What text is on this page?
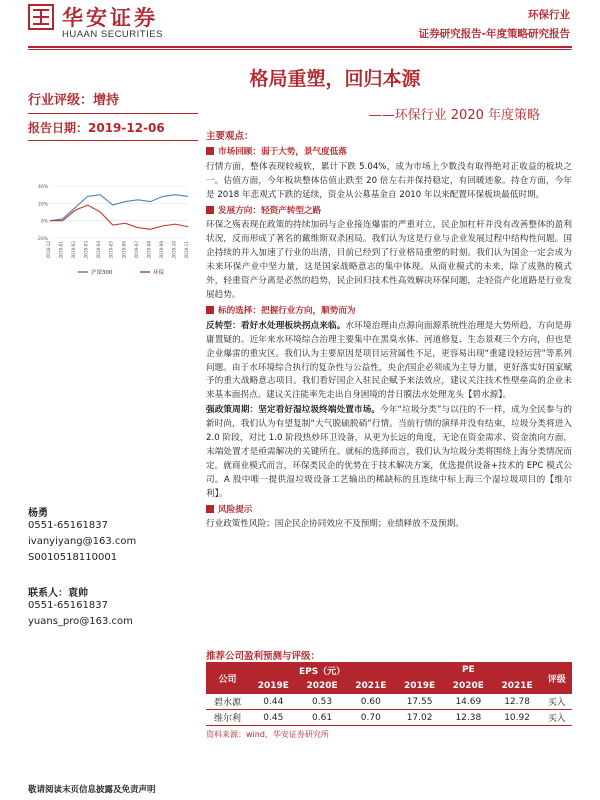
华安证券
HUAAN SECURITIES
环保行业
证券研究报告-年度策略研究报告
格局重塑，回归本源
——环保行业 2020 年度策略
行业评级：增持
报告日期：2019-12-06
-20%
0%
20%
40%
2018-12 2019-01 2019-02 2019-03 2019-04 2019-05 2019-06 2019-07 2019-08 2019-09 2019-10 2019-11
沪深300	环保
杨勇
0551-65161837
ivanyiyang@163.com
S0010518110001
联系人：袁帅
0551-65161837
yuans_pro@163.com

主要观点：

市场回顾：弱于大势，景气度低落

行情方面，整体表现较疲软，累计下跌 5.04%，成为市场上少数没有取得绝对正收益的板块之一。估值方面，今年板块整体估值止跌至 20 倍左右并保持稳定，有回暖迹象。持仓方面，今年是 2018 年悲观式下跌的延续，资金从公募基金自 2010 年以来配置环保板块最低时期。

发展方向：轻资产转型之路

环保之殇表现在政策的持续加码与企业接连爆雷的严重对立，民企加杠杆并没有改善整体的盈利状况，反而形成了著名的戴维斯双杀困局。我们认为这是行业与企业发展过程中结构性问题。国企持续的并入加速了行业的出清，目前已经到了行业格局重塑的时刻。我们认为国企一定会成为未来环保产业中坚力量，这是国家战略意志的集中体现。从商业模式的未来，除了成熟的模式外，轻重资产分离是必然的趋势，民企回归技术性高效解决环保问题，走轻资产化道路是行业发展趋势。

标的选择：把握行业方向，顺势而为

反转型：看好水处理板块拐点来临。水环境治理由点源向面源系统性治理是大势所趋，方向是毋庸置疑的。近年来水环境综合治理主要集中在黑臭水体、河道修复、生态景观三个方向，但也是企业爆雷的重灾区。我们认为主要原因是项目运营属性不足，更容易出现“重建设轻运营”等系列问题。由于水环境综合执行的复杂性与公益性，央企/国企必须成为主导力量，更好落实好国家赋予的重大战略意志项目。我们看好国企入驻民企赋予来法效应，建议关注技术性壁垒高的企业未来基本面拐点。建议关注能率先走出自身困境的昔日膜法水处理龙头【碧水源】。

强政策周期：坚定看好湿垃圾终端处置市场。今年“垃圾分类”与以往的不一样，成为全民参与的新时尚，我们认为有望复制“大气脱硫脱硝”行情。当前行情的演绎并没有结束，垃圾分类将进入 2.0 阶段，对比 1.0 阶段热炒环卫设备，从更为长远的角度，无论在资金需求、资金流向方面，末端处置才是亟需解决的关键所在。就标的选择而言，我们认为垃圾分类将围绕上海分类情况而定。就商业模式而言，环保类民企的优势在于技术解决方案，优选提供设备+技术的 EPC 模式公司。A 股中唯一提供湿垃圾设备工艺输出的稀缺标的且连续中标上海三个湿垃圾项目的【维尔利】。

风险提示

行业政策性风险；国企民企协同效应不及预期；业绩释放不及预期。

推荐公司盈利预测与评级：
公司	EPS（元）			PE			评级
	2019E	2020E	2021E	2019E	2020E	2021E	
碧水源	0.44	0.53	0.60	17.55	14.69	12.78	买入
维尔利	0.45	0.61	0.70	17.02	12.38	10.92	买入
资料来源：wind、华安证券研究所
敬请阅读末页信息披露及免责声明
